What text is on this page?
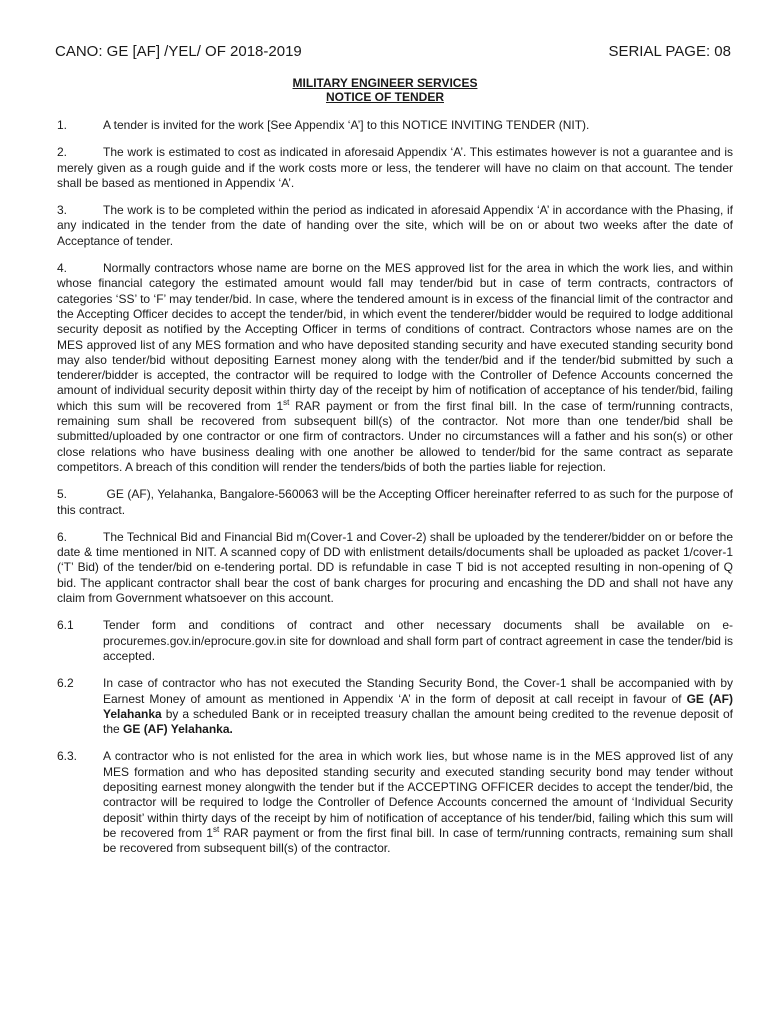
CANO: GE [AF] /YEL/ OF 2018-2019	SERIAL PAGE: 08
MILITARY ENGINEER SERVICES
NOTICE OF TENDER

1.	A tender is invited for the work [See Appendix ‘A’] to this NOTICE INVITING TENDER (NIT).

2.	The work is estimated to cost as indicated in aforesaid Appendix ‘A’. This estimates however is not a guarantee and is merely given as a rough guide and if the work costs more or less, the tenderer will have no claim on that account. The tender shall be based as mentioned in Appendix ‘A’.

3.	The work is to be completed within the period as indicated in aforesaid Appendix ‘A’ in accordance with the Phasing, if any indicated in the tender from the date of handing over the site, which will be on or about two weeks after the date of Acceptance of tender.

4.	Normally contractors whose name are borne on the MES approved list for the area in which the work lies, and within whose financial category the estimated amount would fall may tender/bid but in case of term contracts, contractors of categories ‘SS’ to ‘F’ may tender/bid. In case, where the tendered amount is in excess of the financial limit of the contractor and the Accepting Officer decides to accept the tender/bid, in which event the tenderer/bidder would be required to lodge additional security deposit as notified by the Accepting Officer in terms of conditions of contract. Contractors whose names are on the MES approved list of any MES formation and who have deposited standing security and have executed standing security bond may also tender/bid without depositing Earnest money along with the tender/bid and if the tender/bid submitted by such a tenderer/bidder is accepted, the contractor will be required to lodge with the Controller of Defence Accounts concerned the amount of individual security deposit within thirty day of the receipt by him of notification of acceptance of his tender/bid, failing which this sum will be recovered from 1st RAR payment or from the first final bill. In the case of term/running contracts, remaining sum shall be recovered from subsequent bill(s) of the contractor. Not more than one tender/bid shall be submitted/uploaded by one contractor or one firm of contractors. Under no circumstances will a father and his son(s) or other close relations who have business dealing with one another be allowed to tender/bid for the same contract as separate competitors. A breach of this condition will render the tenders/bids of both the parties liable for rejection.

5.	GE (AF), Yelahanka, Bangalore-560063 will be the Accepting Officer hereinafter referred to as such for the purpose of this contract.

6.	The Technical Bid and Financial Bid m(Cover-1 and Cover-2) shall be uploaded by the tenderer/bidder on or before the date & time mentioned in NIT. A scanned copy of DD with enlistment details/documents shall be uploaded as packet 1/cover-1 (‘T’ Bid) of the tender/bid on e-tendering portal. DD is refundable in case T bid is not accepted resulting in non-opening of Q bid. The applicant contractor shall bear the cost of bank charges for procuring and encashing the DD and shall not have any claim from Government whatsoever on this account.

6.1	Tender form and conditions of contract and other necessary documents shall be available on e-procuremes.gov.in/eprocure.gov.in site for download and shall form part of contract agreement in case the tender/bid is accepted.
6.2	In case of contractor who has not executed the Standing Security Bond, the Cover-1 shall be accompanied with by Earnest Money of amount as mentioned in Appendix ‘A’ in the form of deposit at call receipt in favour of GE (AF) Yelahanka by a scheduled Bank or in receipted treasury challan the amount being credited to the revenue deposit of the GE (AF) Yelahanka.
6.3.	A contractor who is not enlisted for the area in which work lies, but whose name is in the MES approved list of any MES formation and who has deposited standing security and executed standing security bond may tender without depositing earnest money alongwith the tender but if the ACCEPTING OFFICER decides to accept the tender/bid, the contractor will be required to lodge the Controller of Defence Accounts concerned the amount of ‘Individual Security deposit’ within thirty days of the receipt by him of notification of acceptance of his tender/bid, failing which this sum will be recovered from 1st RAR payment or from the first final bill. In case of term/running contracts, remaining sum shall be recovered from subsequent bill(s) of the contractor.
